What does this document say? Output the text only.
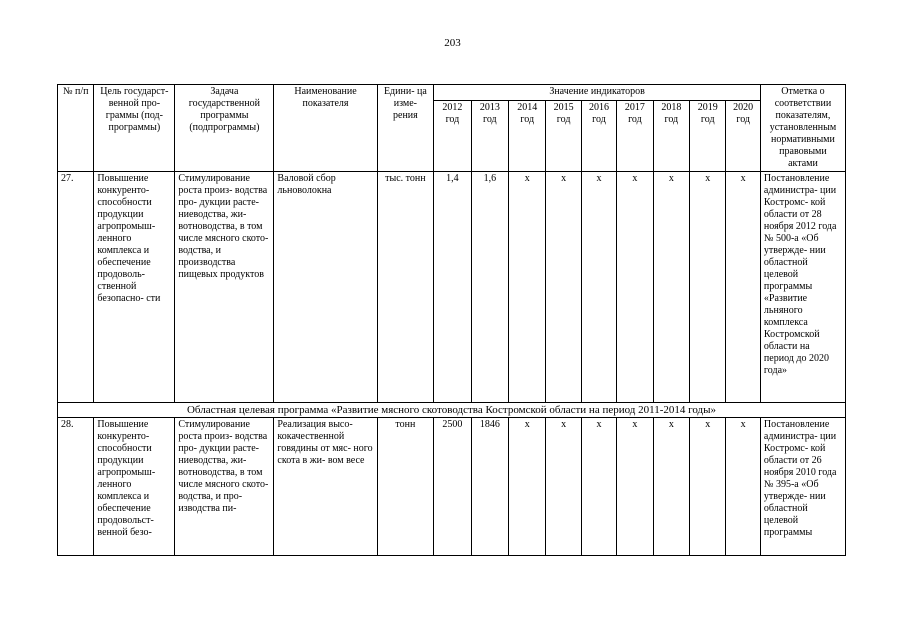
203
№ п/п	Цель государст- венной про- граммы (под- программы)	Задача государственной программы (подпрограммы)	Наименование показателя	Едини- ца изме- рения	Значение индикаторов									Отметка о соответствии показателям, установленным нормативными правовыми актами
					2012 год	2013 год	2014 год	2015 год	2016 год	2017 год	2018 год	2019 год	2020 год	
27.	Повышение конкуренто- способности продукции агропромыш- ленного комплекса и обеспечение продоволь- ственной безопасно- сти	Стимулирование роста произ- водства про- дукции расте- ниеводства, жи- вотноводства, в том числе мясного ското- водства, и производства пищевых продуктов	Валовой сбор льноволокна	тыс. тонн	1,4	1,6	х	х	х	х	х	х	х	Постановление администра- ции Костромс- кой области от 28 ноября 2012 года № 500-а «Об утвержде- нии областной целевой программы «Развитие льняного комплекса Костромской области на период до 2020 года»
Областная целевая программа «Развитие мясного скотоводства Костромской области на период 2011-2014 годы»														
28.	Повышение конкуренто- способности продукции агропромыш- ленного комплекса и обеспечение продовольст- венной безо-	Стимулирование роста произ- водства про- дукции расте- ниеводства, жи- вотноводства, в том числе мясного ското- водства, и про- изводства пи-	Реализация высо- кокачественной говядины от мяс- ного скота в жи- вом весе	тонн	2500	1846	х	х	х	х	х	х	х	Постановление администра- ции Костромс- кой области от 26 ноября 2010 года № 395-а «Об утвержде- нии областной целевой программы
